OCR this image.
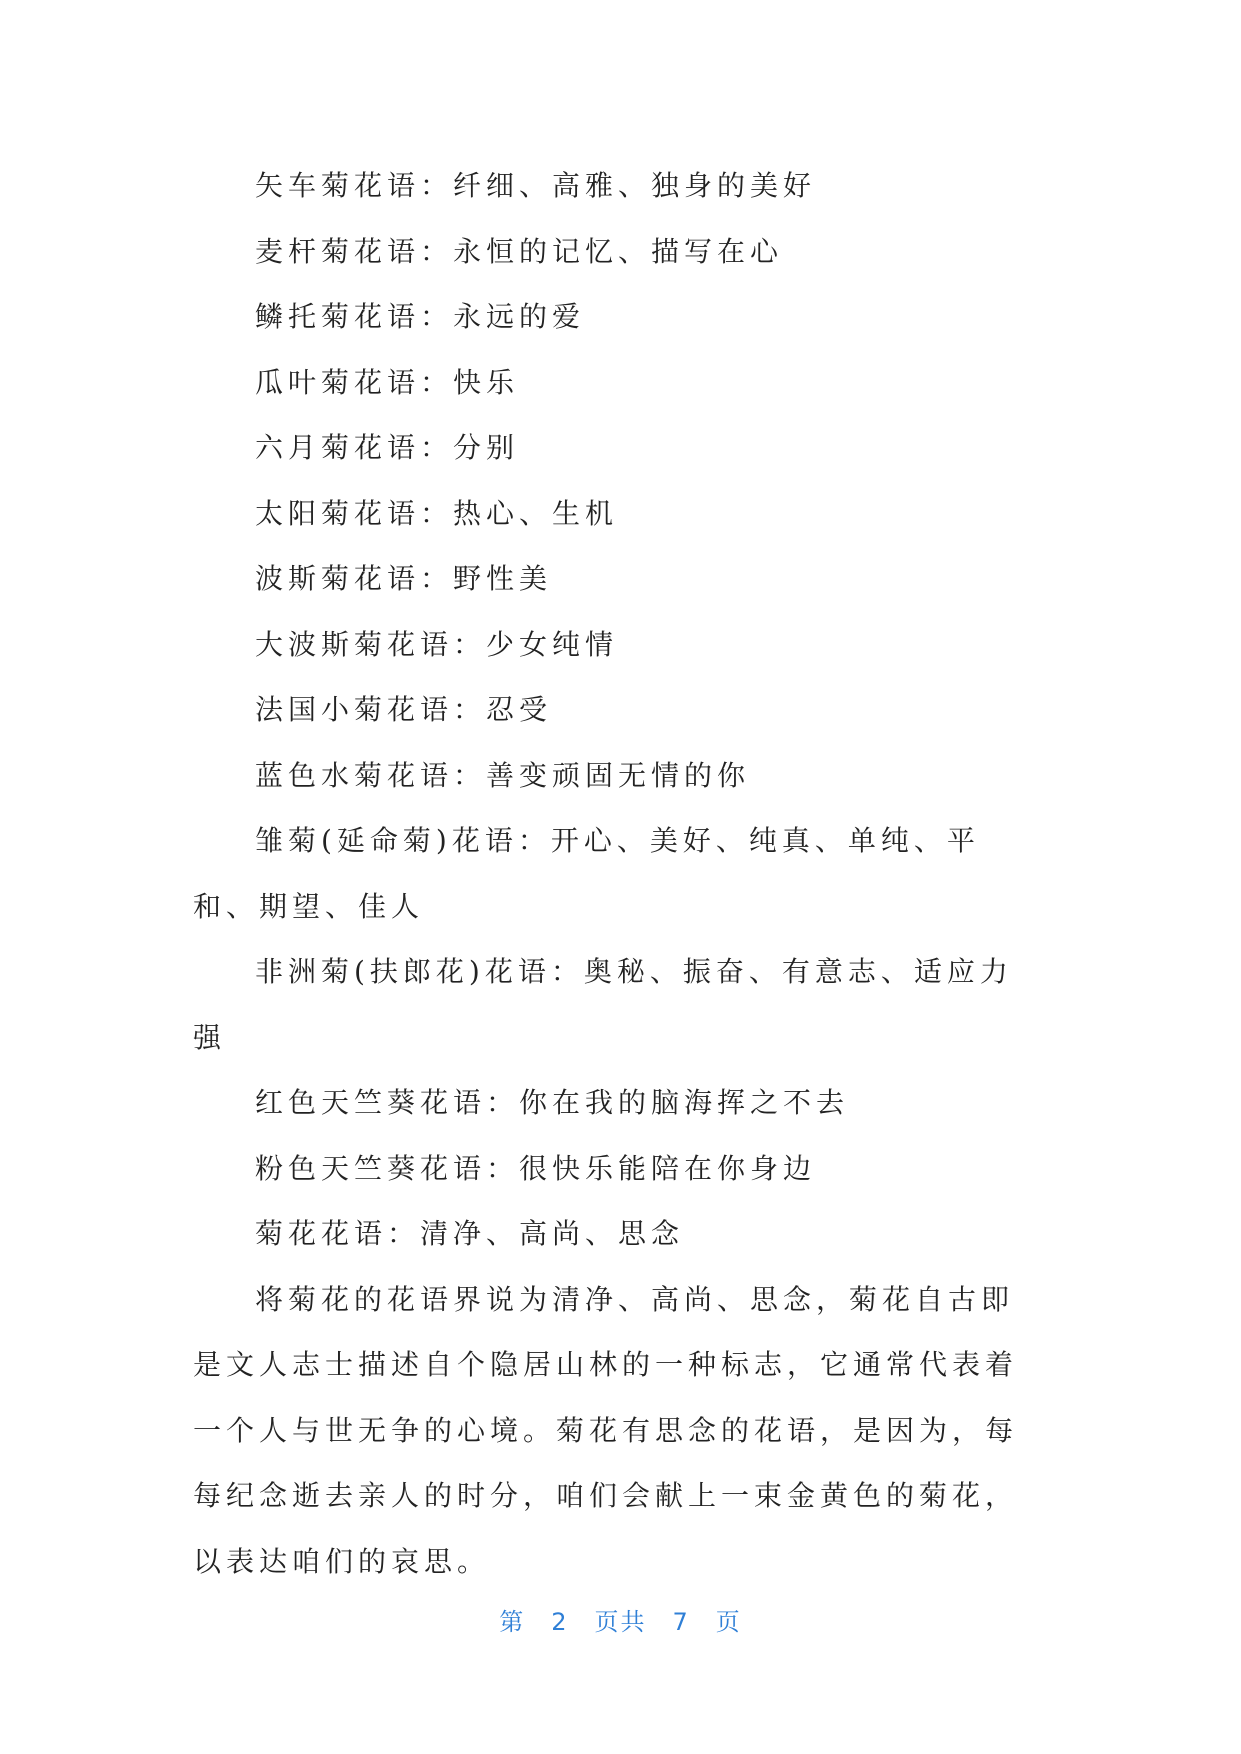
矢车菊花语：纤细、高雅、独身的美好

麦杆菊花语：永恒的记忆、描写在心

鳞托菊花语：永远的爱

瓜叶菊花语：快乐

六月菊花语：分别

太阳菊花语：热心、生机

波斯菊花语：野性美

大波斯菊花语：少女纯情

法国小菊花语：忍受

蓝色水菊花语：善变顽固无情的你

雏菊(延命菊)花语：开心、美好、纯真、单纯、平和、期望、佳人

非洲菊(扶郎花)花语：奥秘、振奋、有意志、适应力强

红色天竺葵花语：你在我的脑海挥之不去

粉色天竺葵花语：很快乐能陪在你身边

菊花花语：清净、高尚、思念

将菊花的花语界说为清净、高尚、思念，菊花自古即是文人志士描述自个隐居山林的一种标志，它通常代表着一个人与世无争的心境。菊花有思念的花语，是因为，每每纪念逝去亲人的时分，咱们会献上一束金黄色的菊花，以表达咱们的哀思。

第 2 页共 7 页
